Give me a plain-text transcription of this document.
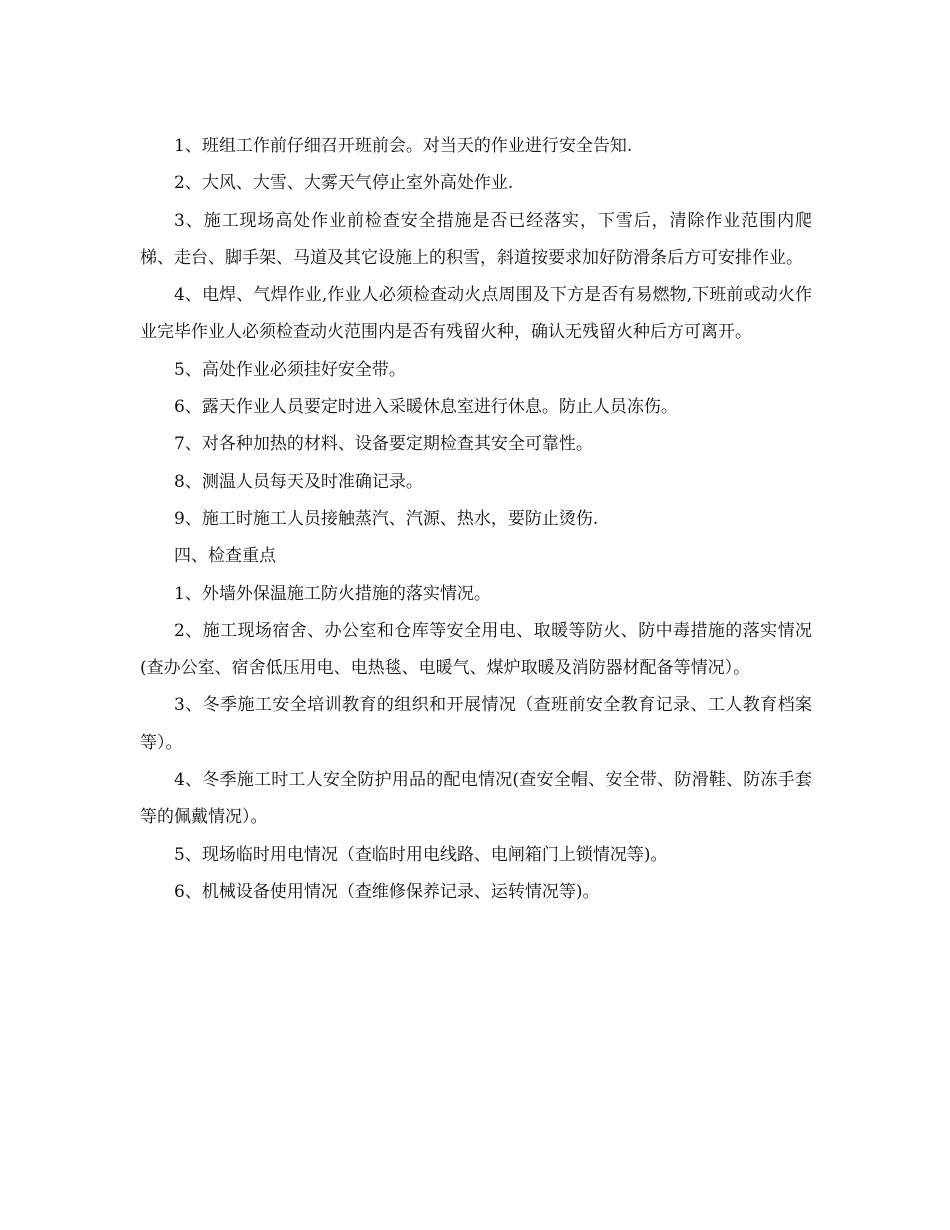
1、班组工作前仔细召开班前会。对当天的作业进行安全告知.

2、大风、大雪、大雾天气停止室外高处作业.

3、施工现场高处作业前检查安全措施是否已经落实，下雪后，清除作业范围内爬梯、走台、脚手架、马道及其它设施上的积雪，斜道按要求加好防滑条后方可安排作业。

4、电焊、气焊作业,作业人必须检查动火点周围及下方是否有易燃物,下班前或动火作业完毕作业人必须检查动火范围内是否有残留火种，确认无残留火种后方可离开。

5、高处作业必须挂好安全带。

6、露天作业人员要定时进入采暖休息室进行休息。防止人员冻伤。

7、对各种加热的材料、设备要定期检查其安全可靠性。

8、测温人员每天及时准确记录。

9、施工时施工人员接触蒸汽、汽源、热水，要防止烫伤.

四、检查重点

1、外墙外保温施工防火措施的落实情况。

2、施工现场宿舍、办公室和仓库等安全用电、取暖等防火、防中毒措施的落实情况(查办公室、宿舍低压用电、电热毯、电暖气、煤炉取暖及消防器材配备等情况）。

3、冬季施工安全培训教育的组织和开展情况（查班前安全教育记录、工人教育档案等）。

4、冬季施工时工人安全防护用品的配电情况(查安全帽、安全带、防滑鞋、防冻手套等的佩戴情况）。

5、现场临时用电情况（查临时用电线路、电闸箱门上锁情况等)。

6、机械设备使用情况（查维修保养记录、运转情况等)。
